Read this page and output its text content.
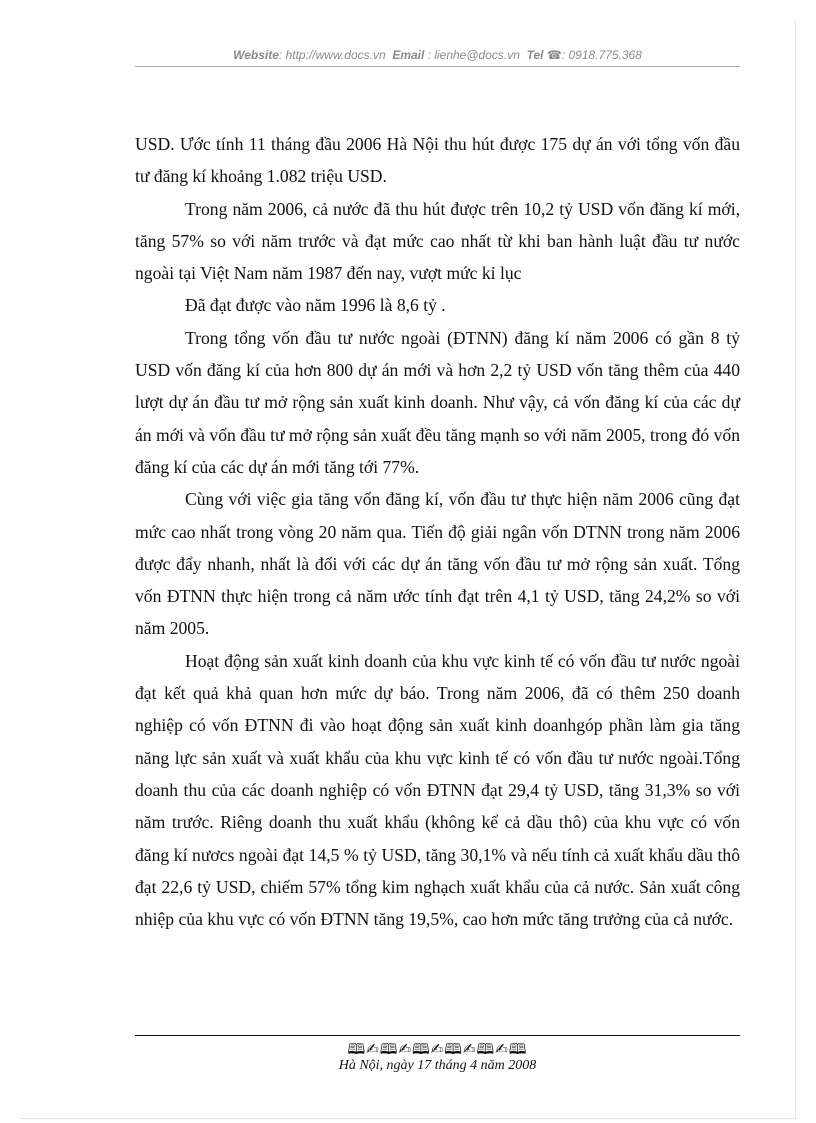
Website: http://www.docs.vn Email : lienhe@docs.vn Tel ☎: 0918.775.368

USD. Ước tính 11 tháng đầu 2006 Hà Nội thu hút được 175 dự án với tổng vốn đầu tư đăng kí khoảng 1.082 triệu USD.

Trong năm 2006, cả nước đã thu hút được trên 10,2 tỷ USD vốn đăng kí mới, tăng 57% so với năm trước và đạt mức cao nhất từ khi ban hành luật đầu tư nước ngoài tại Việt Nam năm 1987 đến nay, vượt mức kỉ lục

Đã đạt được vào năm 1996 là 8,6 tỷ .

Trong tổng vốn đầu tư nước ngoài (ĐTNN) đăng kí năm 2006 có gần 8 tỷ USD vốn đăng kí của hơn 800 dự án mới và hơn 2,2 tỷ USD vốn tăng thêm của 440 lượt dự án đầu tư mở rộng sản xuất kinh doanh. Như vậy, cả vốn đăng kí của các dự án mới và vốn đầu tư mở rộng sản xuất đều tăng mạnh so với năm 2005, trong đó vốn đăng kí của các dự án mới tăng tới 77%.

Cùng với việc gia tăng vốn đăng kí, vốn đầu tư thực hiện năm 2006 cũng đạt mức cao nhất trong vòng 20 năm qua. Tiến độ giải ngân vốn DTNN trong năm 2006 được đẩy nhanh, nhất là đối với các dự án tăng vốn đầu tư mở rộng sản xuất. Tổng vốn ĐTNN thực hiện trong cả năm ước tính đạt trên 4,1 tỷ USD, tăng 24,2% so với năm 2005.

Hoạt động sản xuất kinh doanh của khu vực kinh tế có vốn đầu tư nước ngoài đạt kết quả khả quan hơn mức dự báo. Trong năm 2006, đã có thêm 250 doanh nghiệp có vốn ĐTNN đi vào hoạt động sản xuất kinh doanhgóp phần làm gia tăng năng lực sản xuất và xuất khẩu của khu vực kinh tế có vốn đầu tư nước ngoài.Tổng doanh thu của các doanh nghiệp có vốn ĐTNN đạt 29,4 tỷ USD, tăng 31,3% so với năm trước. Riêng doanh thu xuất khẩu (không kể cả dầu thô) của khu vực có vốn đăng kí nươcs ngoài đạt 14,5 % tỷ USD, tăng 30,1% và nếu tính cả xuất khẩu dầu thô đạt 22,6 tỷ USD, chiếm 57% tổng kim nghạch xuất khẩu của cả nước. Sản xuất công nhiệp của khu vực có vốn ĐTNN tăng 19,5%, cao hơn mức tăng trưởng của cả nước.

🕮✍︎🕮✍︎🕮✍︎🕮✍︎🕮✍︎🕮
Hà Nội, ngày 17 tháng 4 năm 2008
